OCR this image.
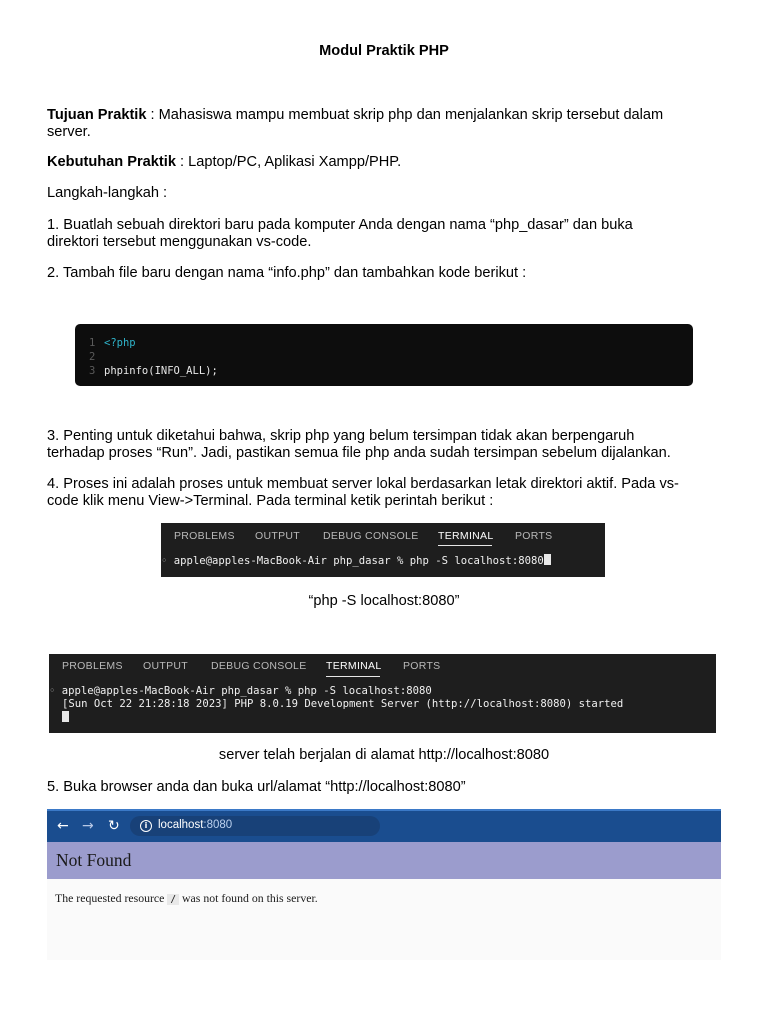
Modul Praktik PHP
Tujuan Praktik : Mahasiswa mampu membuat skrip php dan menjalankan skrip tersebut dalam
server.
Kebutuhan Praktik : Laptop/PC, Aplikasi Xampp/PHP.
Langkah-langkah :
1. Buatlah sebuah direktori baru pada komputer Anda dengan nama “php_dasar” dan buka
direktori tersebut menggunakan vs-code.
2. Tambah file baru dengan nama “info.php” dan tambahkan kode berikut :
1 <?php
2
3 phpinfo(INFO_ALL);
3. Penting untuk diketahui bahwa, skrip php yang belum tersimpan tidak akan berpengaruh
terhadap proses “Run”. Jadi, pastikan semua file php anda sudah tersimpan sebelum dijalankan.
4. Proses ini adalah proses untuk membuat server lokal berdasarkan letak direktori aktif. Pada vs-
code klik menu View->Terminal. Pada terminal ketik perintah berikut :
PROBLEMS OUTPUT DEBUG CONSOLE TERMINAL PORTS
◦ apple@apples-MacBook-Air php_dasar % php -S localhost:8080
“php -S localhost:8080”
PROBLEMS OUTPUT DEBUG CONSOLE TERMINAL PORTS
◦ apple@apples-MacBook-Air php_dasar % php -S localhost:8080
[Sun Oct 22 21:28:18 2023] PHP 8.0.19 Development Server (http://localhost:8080) started
server telah berjalan di alamat http://localhost:8080
5. Buka browser anda dan buka url/alamat “http://localhost:8080”
← → ↻	i localhost:8080
Not Found
The requested resource / was not found on this server.
